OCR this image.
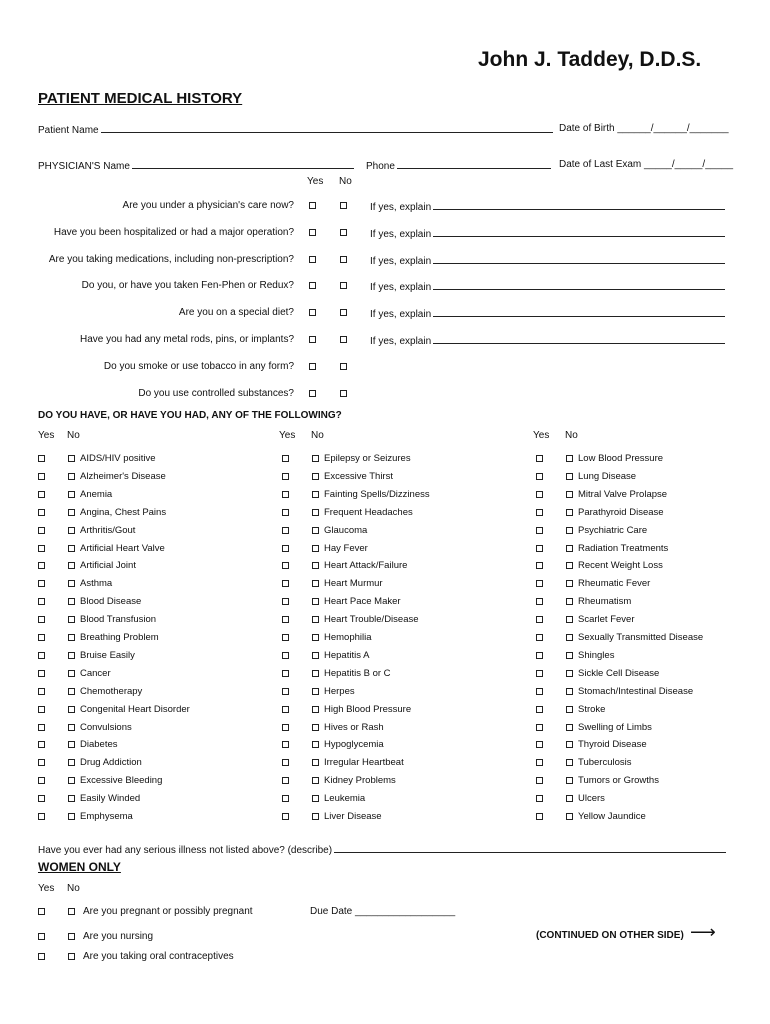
John J. Taddey, D.D.S.
PATIENT MEDICAL HISTORY
Patient Name	Date of Birth ______/______/_______
PHYSICIAN'S Name	Phone	Date of Last Exam _____/_____/_____
Yes No
Are you under a physician's care now?	If yes, explain
Have you been hospitalized or had a major operation?	If yes, explain
Are you taking medications, including non-prescription?	If yes, explain
Do you, or have you taken Fen-Phen or Redux?	If yes, explain
Are you on a special diet?	If yes, explain
Have you had any metal rods, pins, or implants?	If yes, explain
Do you smoke or use tobacco in any form?
Do you use controlled substances?
DO YOU HAVE, OR HAVE YOU HAD, ANY OF THE FOLLOWING?
Yes No	Yes No	Yes No
AIDS/HIV positive
Alzheimer's Disease
Anemia
Angina, Chest Pains
Arthritis/Gout
Artificial Heart Valve
Artificial Joint
Asthma
Blood Disease
Blood Transfusion
Breathing Problem
Bruise Easily
Cancer
Chemotherapy
Congenital Heart Disorder
Convulsions
Diabetes
Drug Addiction
Excessive Bleeding
Easily Winded
Emphysema
Epilepsy or Seizures
Excessive Thirst
Fainting Spells/Dizziness
Frequent Headaches
Glaucoma
Hay Fever
Heart Attack/Failure
Heart Murmur
Heart Pace Maker
Heart Trouble/Disease
Hemophilia
Hepatitis A
Hepatitis B or C
Herpes
High Blood Pressure
Hives or Rash
Hypoglycemia
Irregular Heartbeat
Kidney Problems
Leukemia
Liver Disease
Low Blood Pressure
Lung Disease
Mitral Valve Prolapse
Parathyroid Disease
Psychiatric Care
Radiation Treatments
Recent Weight Loss
Rheumatic Fever
Rheumatism
Scarlet Fever
Sexually Transmitted Disease
Shingles
Sickle Cell Disease
Stomach/Intestinal Disease
Stroke
Swelling of Limbs
Thyroid Disease
Tuberculosis
Tumors or Growths
Ulcers
Yellow Jaundice
Have you ever had any serious illness not listed above? (describe)
WOMEN ONLY
Yes No
Are you pregnant or possibly pregnant
Are you nursing
Are you taking oral contraceptives
Due Date __________________
(CONTINUED ON OTHER SIDE) ⟶
